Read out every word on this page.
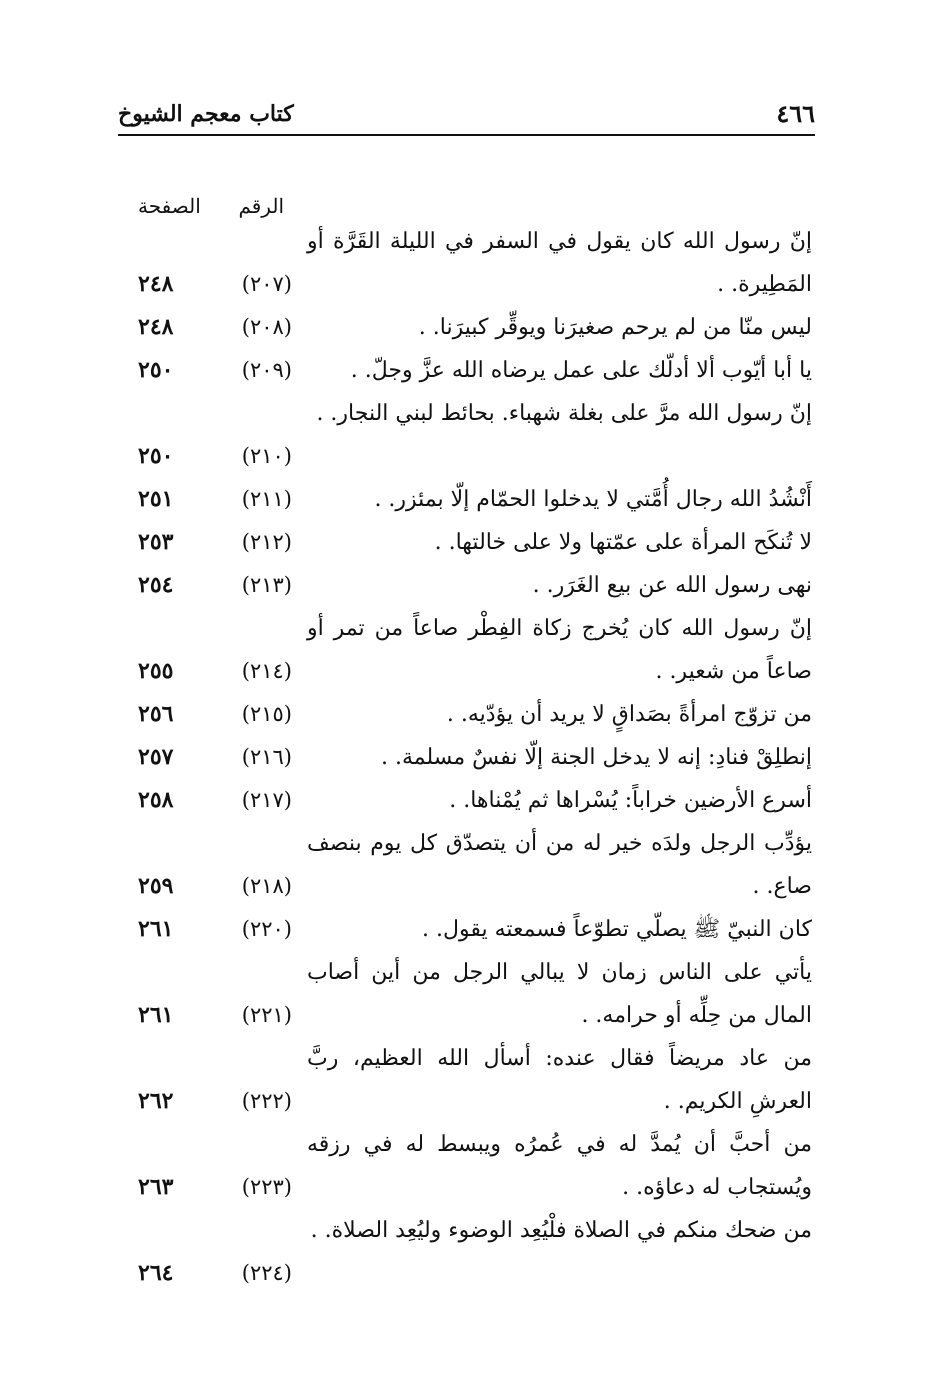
٤٦٦
كتاب معجم الشيوخ
الرقم
الصفحة
إنّ رسول الله كان يقول في السفر في الليلة القَرَّة أو المَطِيرة. .
(٢٠٧)
٢٤٨
ليس منّا من لم يرحم صغيرَنا ويوقِّر كبيرَنا. .
(٢٠٨)
٢٤٨
يا أبا أيّوب ألا أدلّك على عمل يرضاه الله عزَّ وجلّ. .
(٢٠٩)
٢٥٠
إنّ رسول الله مرَّ على بغلة شهباء. بحائط لبني النجار. .
(٢١٠)
٢٥٠
أَنْشُدُ الله رجال أُمَّتي لا يدخلوا الحمّام إلّا بمئزر. .
(٢١١)
٢٥١
لا تُنكَح المرأة على عمّتها ولا على خالتها. .
(٢١٢)
٢٥٣
نهى رسول الله عن بيع الغَرَر. .
(٢١٣)
٢٥٤
إنّ رسول الله كان يُخرج زكاة الفِطْر صاعاً من تمر أو صاعاً من شعير. .
(٢١٤)
٢٥٥
من تزوّج امرأةً بصَداقٍ لا يريد أن يؤدّيه. .
(٢١٥)
٢٥٦
إنطلِقْ فنادِ: إنه لا يدخل الجنة إلّا نفسٌ مسلمة. .
(٢١٦)
٢٥٧
أسرع الأرضين خراباً: يُسْراها ثم يُمْناها. .
(٢١٧)
٢٥٨
يؤدِّب الرجل ولدَه خير له من أن يتصدّق كل يوم بنصف صاع. .
(٢١٨)
٢٥٩
كان النبيّ ﷺ يصلّي تطوّعاً فسمعته يقول. .
(٢٢٠)
٢٦١
يأتي على الناس زمان لا يبالي الرجل من أين أصاب المال من حِلِّه أو حرامه. .
(٢٢١)
٢٦١
من عاد مريضاً فقال عنده: أسأل الله العظيم، ربَّ العرشِ الكريم. .
(٢٢٢)
٢٦٢
من أحبَّ أن يُمدَّ له في عُمرُه ويبسط له في رزقه ويُستجاب له دعاؤه. .
(٢٢٣)
٢٦٣
من ضحك منكم في الصلاة فلْيُعِد الوضوء وليُعِد الصلاة. .
(٢٢٤)
٢٦٤
